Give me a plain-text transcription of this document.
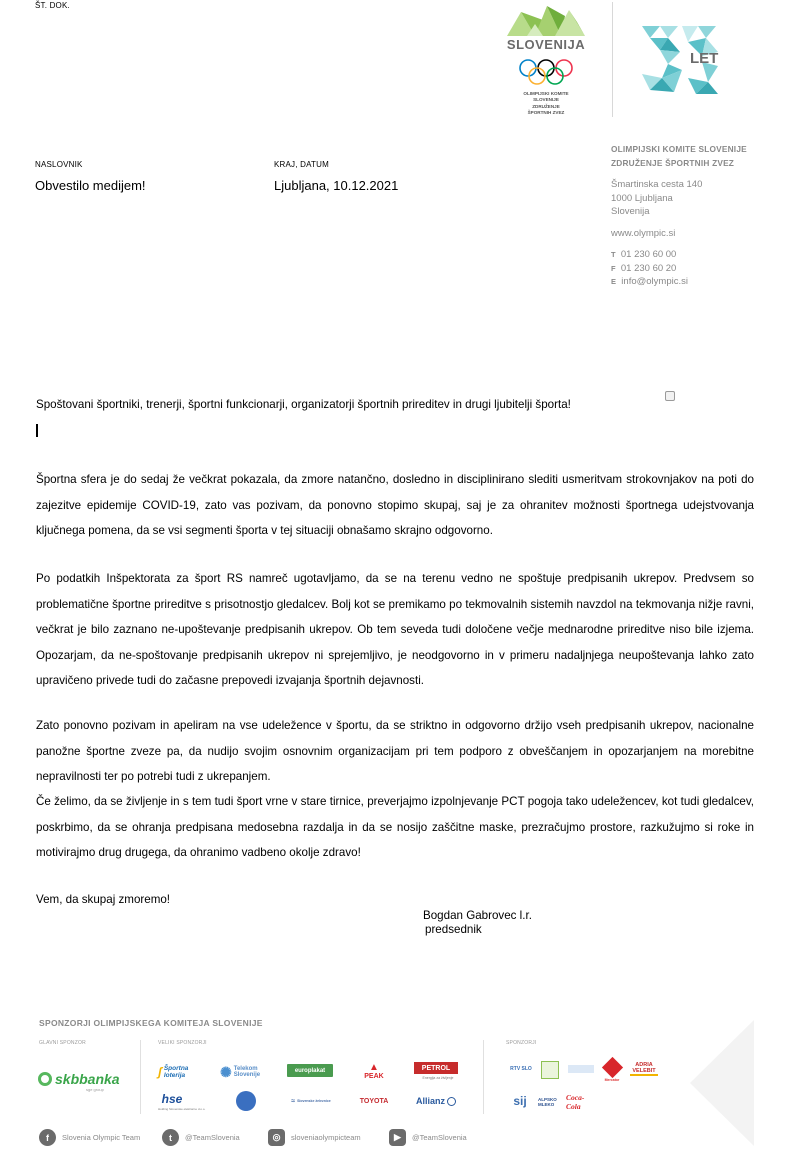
ŠT. DOK.
SLOVENIJA
OLIMPIJSKI KOMITE
SLOVENIJE
ZDRUŽENJE
ŠPORTNIH ZVEZ
LET
NASLOVNIK
Obvestilo medijem!
KRAJ, DATUM
Ljubljana, 10.12.2021
OLIMPIJSKI KOMITE SLOVENIJE
ZDRUŽENJE ŠPORTNIH ZVEZ
Šmartinska cesta 140
1000 Ljubljana
Slovenija
www.olympic.si
T 01 230 60 00
F 01 230 60 20
E info@olympic.si
Spoštovani športniki, trenerji, športni funkcionarji, organizatorji športnih prireditev in drugi ljubitelji športa!
Športna sfera je do sedaj že večkrat pokazala, da zmore natančno, dosledno in disciplinirano slediti usmeritvam strokovnjakov na poti do zajezitve epidemije COVID-19, zato vas pozivam, da ponovno stopimo skupaj, saj je za ohranitev možnosti športnega udejstvovanja ključnega pomena, da se vsi segmenti športa v tej situaciji obnašamo skrajno odgovorno.
Po podatkih Inšpektorata za šport RS namreč ugotavljamo, da se na terenu vedno ne spoštuje predpisanih ukrepov. Predvsem so problematične športne prireditve s prisotnostjo gledalcev. Bolj kot se premikamo po tekmovalnih sistemih navzdol na tekmovanja nižje ravni, večkrat je bilo zaznano ne-upoštevanje predpisanih ukrepov. Ob tem seveda tudi določene večje mednarodne prireditve niso bile izjema. Opozarjam, da ne-spoštovanje predpisanih ukrepov ni sprejemljivo, je neodgovorno in v primeru nadaljnjega neupoštevanja lahko zato upravičeno privede tudi do začasne prepovedi izvajanja športnih dejavnosti.
Zato ponovno pozivam in apeliram na vse udeležence v športu, da se striktno in odgovorno držijo vseh predpisanih ukrepov, nacionalne panožne športne zveze pa, da nudijo svojim osnovnim organizacijam pri tem podporo z obveščanjem in opozarjanjem na morebitne nepravilnosti ter po potrebi tudi z ukrepanjem.
Če želimo, da se življenje in s tem tudi šport vrne v stare tirnice, preverjajmo izpolnjevanje PCT pogoja tako udeležencev, kot tudi gledalcev, poskrbimo, da se ohranja predpisana medosebna razdalja in da se nosijo zaščitne maske, prezračujmo prostore, razkužujmo si roke in motivirajmo drug drugega, da ohranimo vadbeno okolje zdravo!
Vem, da skupaj zmoremo!
Bogdan Gabrovec l.r.
predsednik
SPONZORJI OLIMPIJSKEGA KOMITEJA SLOVENIJE
GLAVNI SPONZOR	VELIKI SPONZORJI	SPONZORJI
skbbanka
sge group
ʃ Športna loterija	✺ Telekom Slovenije
europlakat	▲
PEAK
PETROL
Energija za življenje
hse
Holding Slovenske elektrarne d.o.o.
≈ Slovenske železnice	TOYOTA	Allianz
RTV SLO
Mercator
ADRIA VELEBIT
sij	ALPSKO MLEKO
Coca-Cola
f	Slovenia Olympic Team	t	@TeamSlovenia	◎	sloveniaolympicteam	▶	@TeamSlovenia
